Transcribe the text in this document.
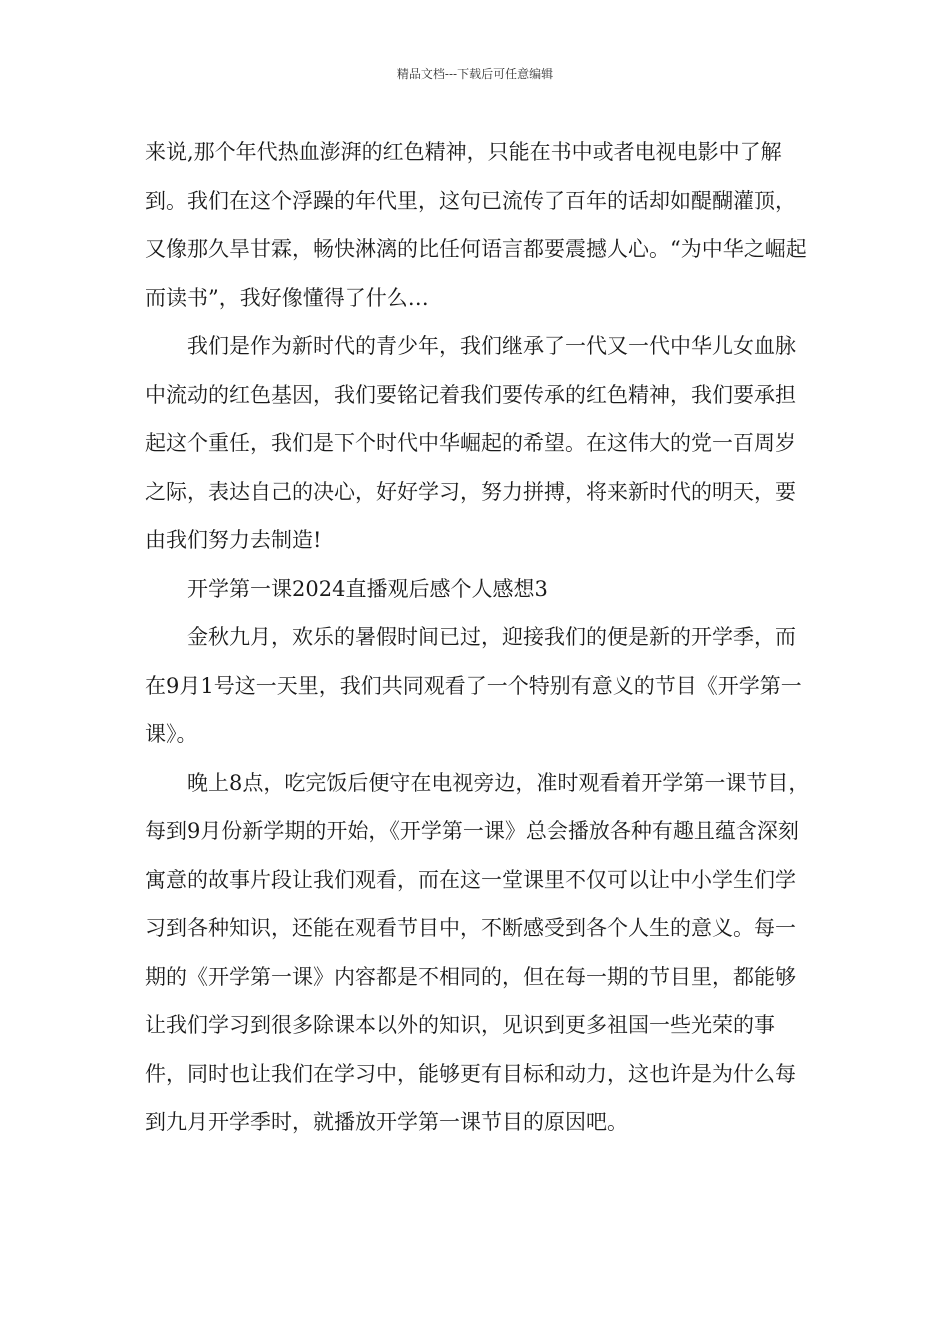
精品文档---下载后可任意编辑

来说,那个年代热血澎湃的红色精神，只能在书中或者电视电影中了解到。我们在这个浮躁的年代里，这句已流传了百年的话却如醍醐灌顶，又像那久旱甘霖，畅快淋漓的比任何语言都要震撼人心。“为中华之崛起而读书”，我好像懂得了什么…

我们是作为新时代的青少年，我们继承了一代又一代中华儿女血脉中流动的红色基因，我们要铭记着我们要传承的红色精神，我们要承担起这个重任，我们是下个时代中华崛起的希望。在这伟大的党一百周岁之际，表达自己的决心，好好学习，努力拼搏，将来新时代的明天，要由我们努力去制造!

开学第一课2024直播观后感个人感想3

金秋九月，欢乐的暑假时间已过，迎接我们的便是新的开学季，而在9月1号这一天里，我们共同观看了一个特别有意义的节目《开学第一课》。

晚上8点，吃完饭后便守在电视旁边，准时观看着开学第一课节目，每到9月份新学期的开始，《开学第一课》总会播放各种有趣且蕴含深刻寓意的故事片段让我们观看，而在这一堂课里不仅可以让中小学生们学习到各种知识，还能在观看节目中，不断感受到各个人生的意义。每一期的《开学第一课》内容都是不相同的，但在每一期的节目里，都能够让我们学习到很多除课本以外的知识，见识到更多祖国一些光荣的事件，同时也让我们在学习中，能够更有目标和动力，这也许是为什么每到九月开学季时，就播放开学第一课节目的原因吧。
